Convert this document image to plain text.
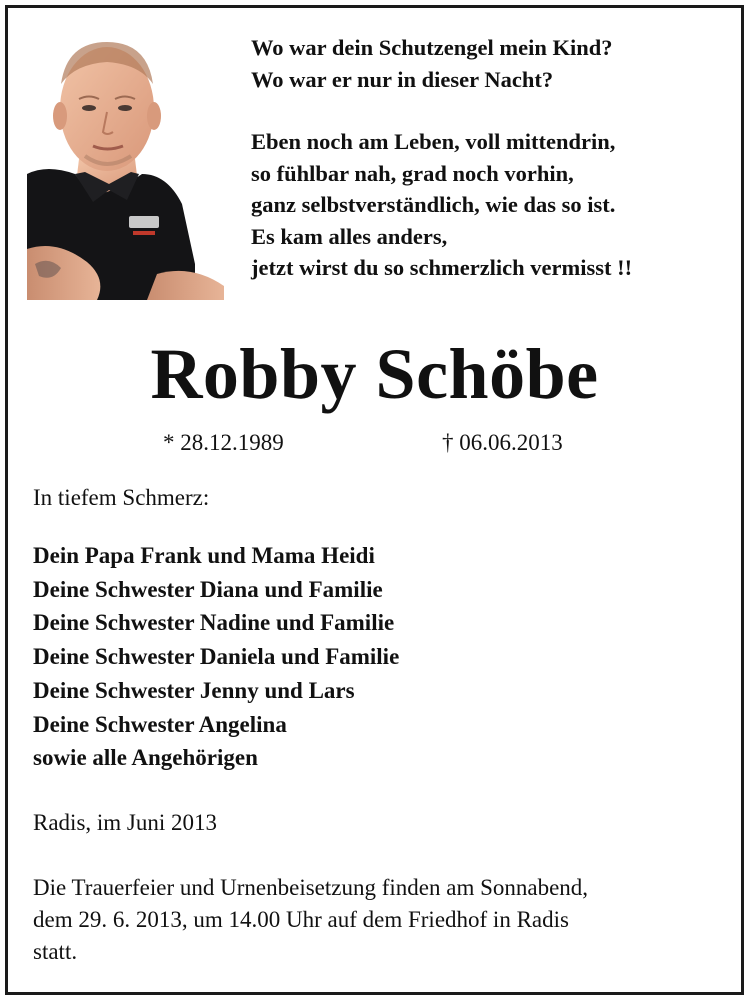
Wo war dein Schutzengel mein Kind?
Wo war er nur in dieser Nacht?
Eben noch am Leben, voll mittendrin,
so fühlbar nah, grad noch vorhin,
ganz selbstverständlich, wie das so ist.
Es kam alles anders,
jetzt wirst du so schmerzlich vermisst !!
Robby Schöbe
* 28.12.1989	† 06.06.2013
In tiefem Schmerz:
Dein Papa Frank und Mama Heidi
Deine Schwester Diana und Familie
Deine Schwester Nadine und Familie
Deine Schwester Daniela und Familie
Deine Schwester Jenny und Lars
Deine Schwester Angelina
sowie alle Angehörigen
Radis, im Juni 2013
Die Trauerfeier und Urnenbeisetzung finden am Sonnabend,
dem 29. 6. 2013, um 14.00 Uhr auf dem Friedhof in Radis
statt.
